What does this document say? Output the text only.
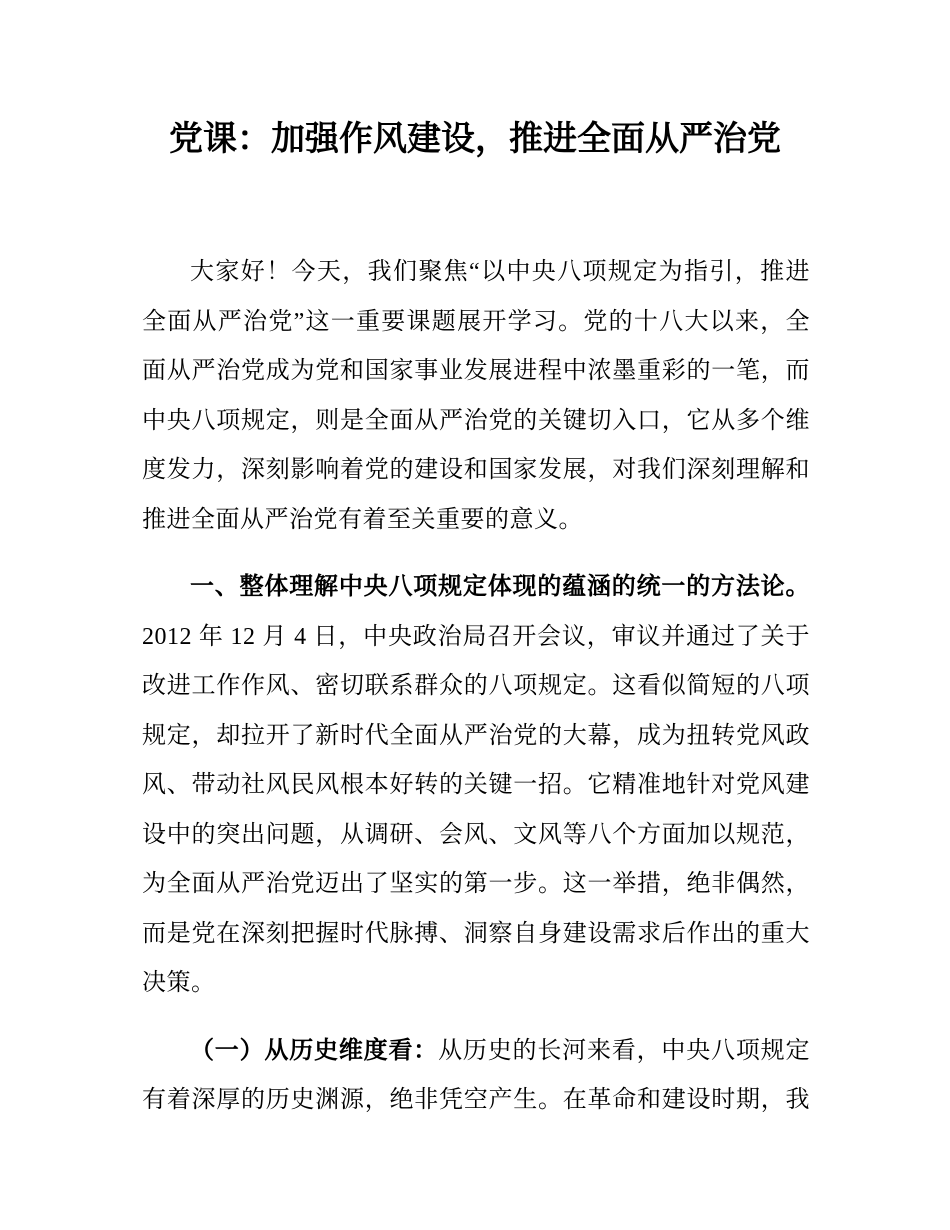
党课：加强作风建设，推进全面从严治党
大家好！今天，我们聚焦“以中央八项规定为指引，推进
全面从严治党”这一重要课题展开学习。党的十八大以来，全
面从严治党成为党和国家事业发展进程中浓墨重彩的一笔，而
中央八项规定，则是全面从严治党的关键切入口，它从多个维
度发力，深刻影响着党的建设和国家发展，对我们深刻理解和
推进全面从严治党有着至关重要的意义。
一、整体理解中央八项规定体现的蕴涵的统一的方法论。
2012 年 12 月 4 日，中央政治局召开会议，审议并通过了关于
改进工作作风、密切联系群众的八项规定。这看似简短的八项
规定，却拉开了新时代全面从严治党的大幕，成为扭转党风政
风、带动社风民风根本好转的关键一招。它精准地针对党风建
设中的突出问题，从调研、会风、文风等八个方面加以规范，
为全面从严治党迈出了坚实的第一步。这一举措，绝非偶然，
而是党在深刻把握时代脉搏、洞察自身建设需求后作出的重大
决策。
（一）从历史维度看：从历史的长河来看，中央八项规定
有着深厚的历史渊源，绝非凭空产生。在革命和建设时期，我
